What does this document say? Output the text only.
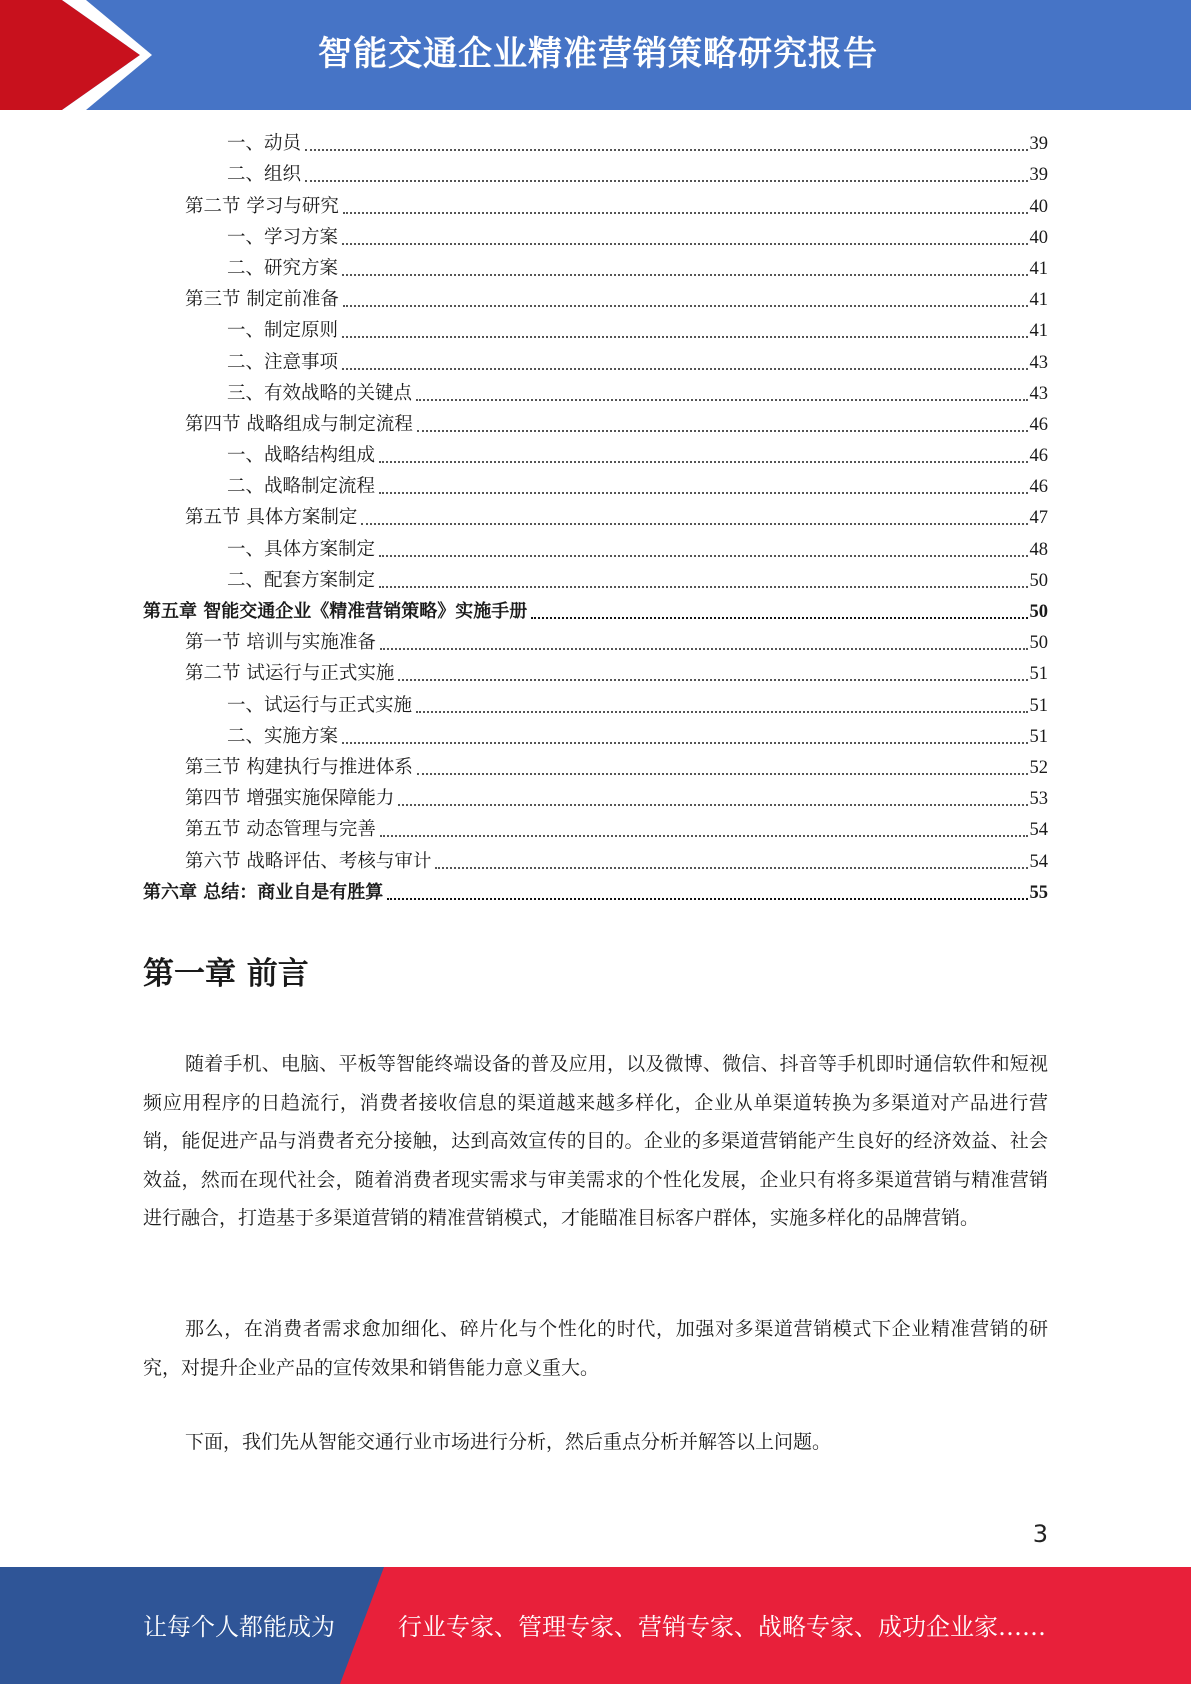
智能交通企业精准营销策略研究报告
一、动员	39
二、组织	39
第二节 学习与研究	40
一、学习方案	40
二、研究方案	41
第三节 制定前准备	41
一、制定原则	41
二、注意事项	43
三、有效战略的关键点	43
第四节 战略组成与制定流程	46
一、战略结构组成	46
二、战略制定流程	46
第五节 具体方案制定	47
一、具体方案制定	48
二、配套方案制定	50
第五章 智能交通企业《精准营销策略》实施手册	50
第一节 培训与实施准备	50
第二节 试运行与正式实施	51
一、试运行与正式实施	51
二、实施方案	51
第三节 构建执行与推进体系	52
第四节 增强实施保障能力	53
第五节 动态管理与完善	54
第六节 战略评估、考核与审计	54
第六章 总结：商业自是有胜算	55
第一章 前言

随着手机、电脑、平板等智能终端设备的普及应用，以及微博、微信、抖音等手机即时通信软件和短视频应用程序的日趋流行，消费者接收信息的渠道越来越多样化，企业从单渠道转换为多渠道对产品进行营销，能促进产品与消费者充分接触，达到高效宣传的目的。企业的多渠道营销能产生良好的经济效益、社会效益，然而在现代社会，随着消费者现实需求与审美需求的个性化发展，企业只有将多渠道营销与精准营销进行融合，打造基于多渠道营销的精准营销模式，才能瞄准目标客户群体，实施多样化的品牌营销。

那么，在消费者需求愈加细化、碎片化与个性化的时代，加强对多渠道营销模式下企业精准营销的研究，对提升企业产品的宣传效果和销售能力意义重大。

下面，我们先从智能交通行业市场进行分析，然后重点分析并解答以上问题。

3
让每个人都能成为	行业专家、管理专家、营销专家、战略专家、成功企业家……
